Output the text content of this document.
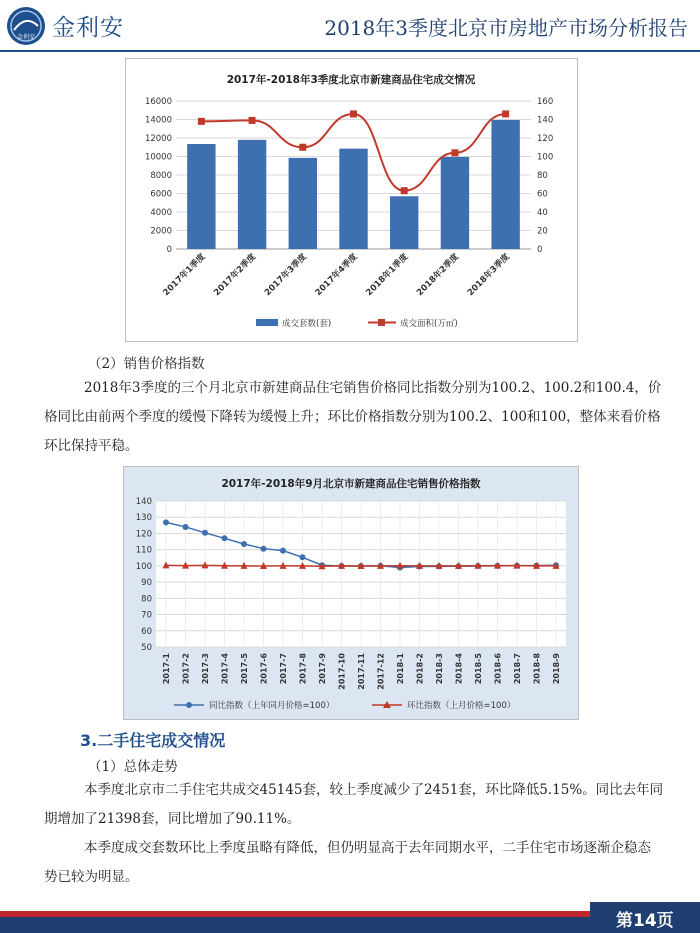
金利安 金利安	2018年3季度北京市房地产市场分析报告
2017年-2018年3季度北京市新建商品住宅成交情况
0
2000
4000
6000
8000
10000
12000
14000
16000
0
20
40
60
80
100
120
140
160
2017年1季度 2017年2季度 2017年3季度 2017年4季度 2018年1季度 2018年2季度 2018年3季度
成交套数(套)	成交面积(万㎡)
（2）销售价格指数
2018年3季度的三个月北京市新建商品住宅销售价格同比指数分别为100.2、100.2和100.4，价格同比由前两个季度的缓慢下降转为缓慢上升；环比价格指数分别为100.2、100和100，整体来看价格环比保持平稳。
2017年-2018年9月北京市新建商品住宅销售价格指数
50
60
70
80
90
100
110
120
130
140
2017-1 2017-2 2017-3 2017-4 2017-5 2017-6 2017-7 2017-8 2017-9 2017-10 2017-11 2017-12 2018-1 2018-2 2018-3 2018-4 2018-5 2018-6 2018-7 2018-8 2018-9
同比指数（上年同月价格=100）	环比指数（上月价格=100）
3.二手住宅成交情况
（1）总体走势
本季度北京市二手住宅共成交45145套，较上季度减少了2451套，环比降低5.15%。同比去年同期增加了21398套，同比增加了90.11%。
本季度成交套数环比上季度虽略有降低，但仍明显高于去年同期水平，二手住宅市场逐渐企稳态势已较为明显。
第14页
